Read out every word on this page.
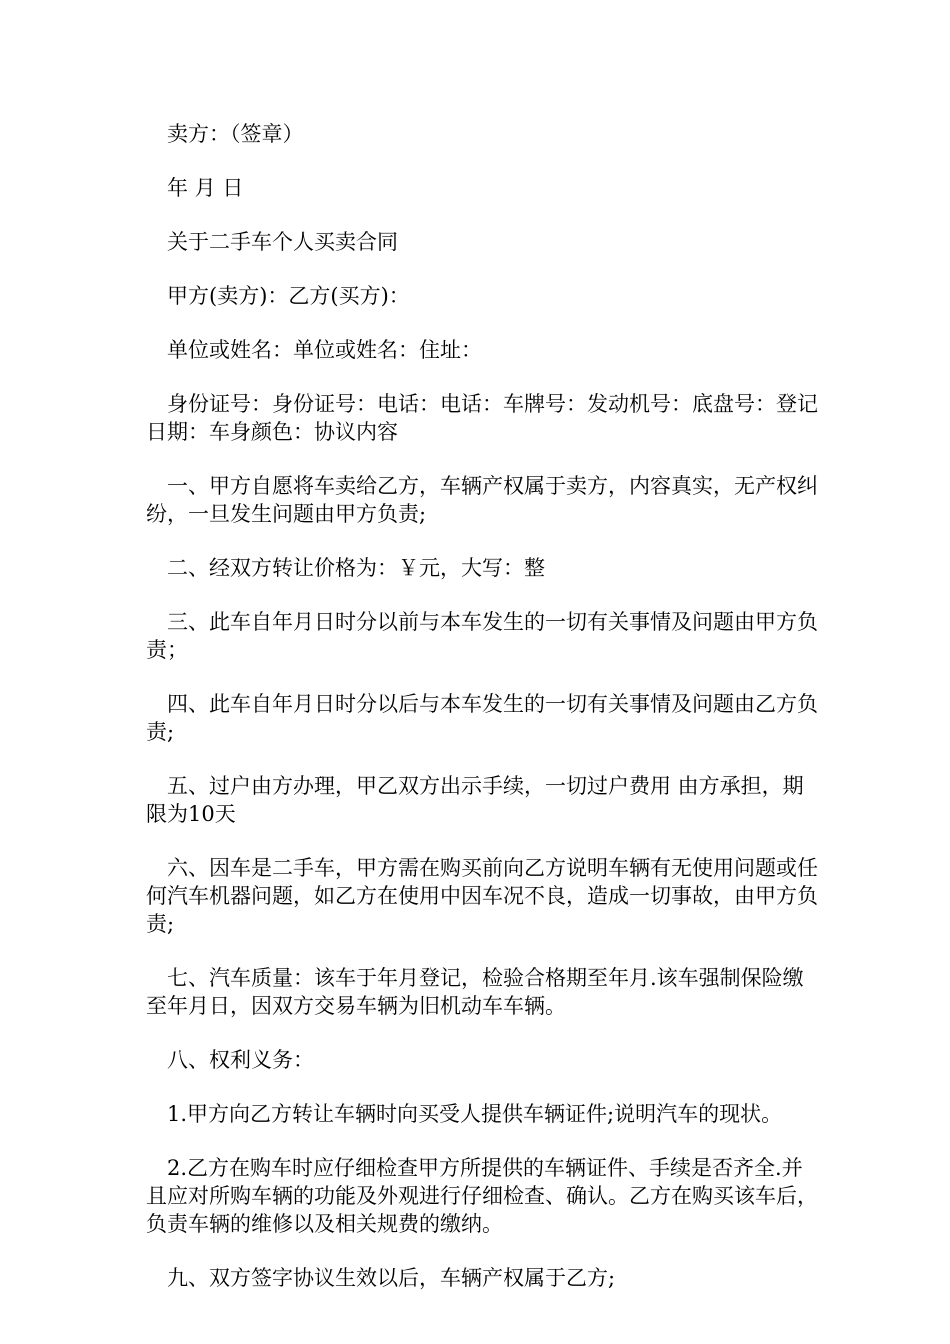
卖方：（签章）

年 月 日

关于二手车个人买卖合同

甲方(卖方)：乙方(买方)：

单位或姓名：单位或姓名：住址：

身份证号：身份证号：电话：电话：车牌号：发动机号：底盘号：登记日期：车身颜色：协议内容

一、甲方自愿将车卖给乙方，车辆产权属于卖方，内容真实，无产权纠纷，一旦发生问题由甲方负责;

二、经双方转让价格为：￥元，大写：整

三、此车自年月日时分以前与本车发生的一切有关事情及问题由甲方负责；

四、此车自年月日时分以后与本车发生的一切有关事情及问题由乙方负责;

五、过户由方办理，甲乙双方出示手续，一切过户费用 由方承担，期限为10天

六、因车是二手车，甲方需在购买前向乙方说明车辆有无使用问题或任何汽车机器问题，如乙方在使用中因车况不良，造成一切事故，由甲方负责;

七、汽车质量：该车于年月登记，检验合格期至年月.该车强制保险缴至年月日，因双方交易车辆为旧机动车车辆。

八、权利义务：

1.甲方向乙方转让车辆时向买受人提供车辆证件;说明汽车的现状。

2.乙方在购车时应仔细检查甲方所提供的车辆证件、手续是否齐全.并且应对所购车辆的功能及外观进行仔细检查、确认。乙方在购买该车后，负责车辆的维修以及相关规费的缴纳。

九、双方签字协议生效以后，车辆产权属于乙方;
